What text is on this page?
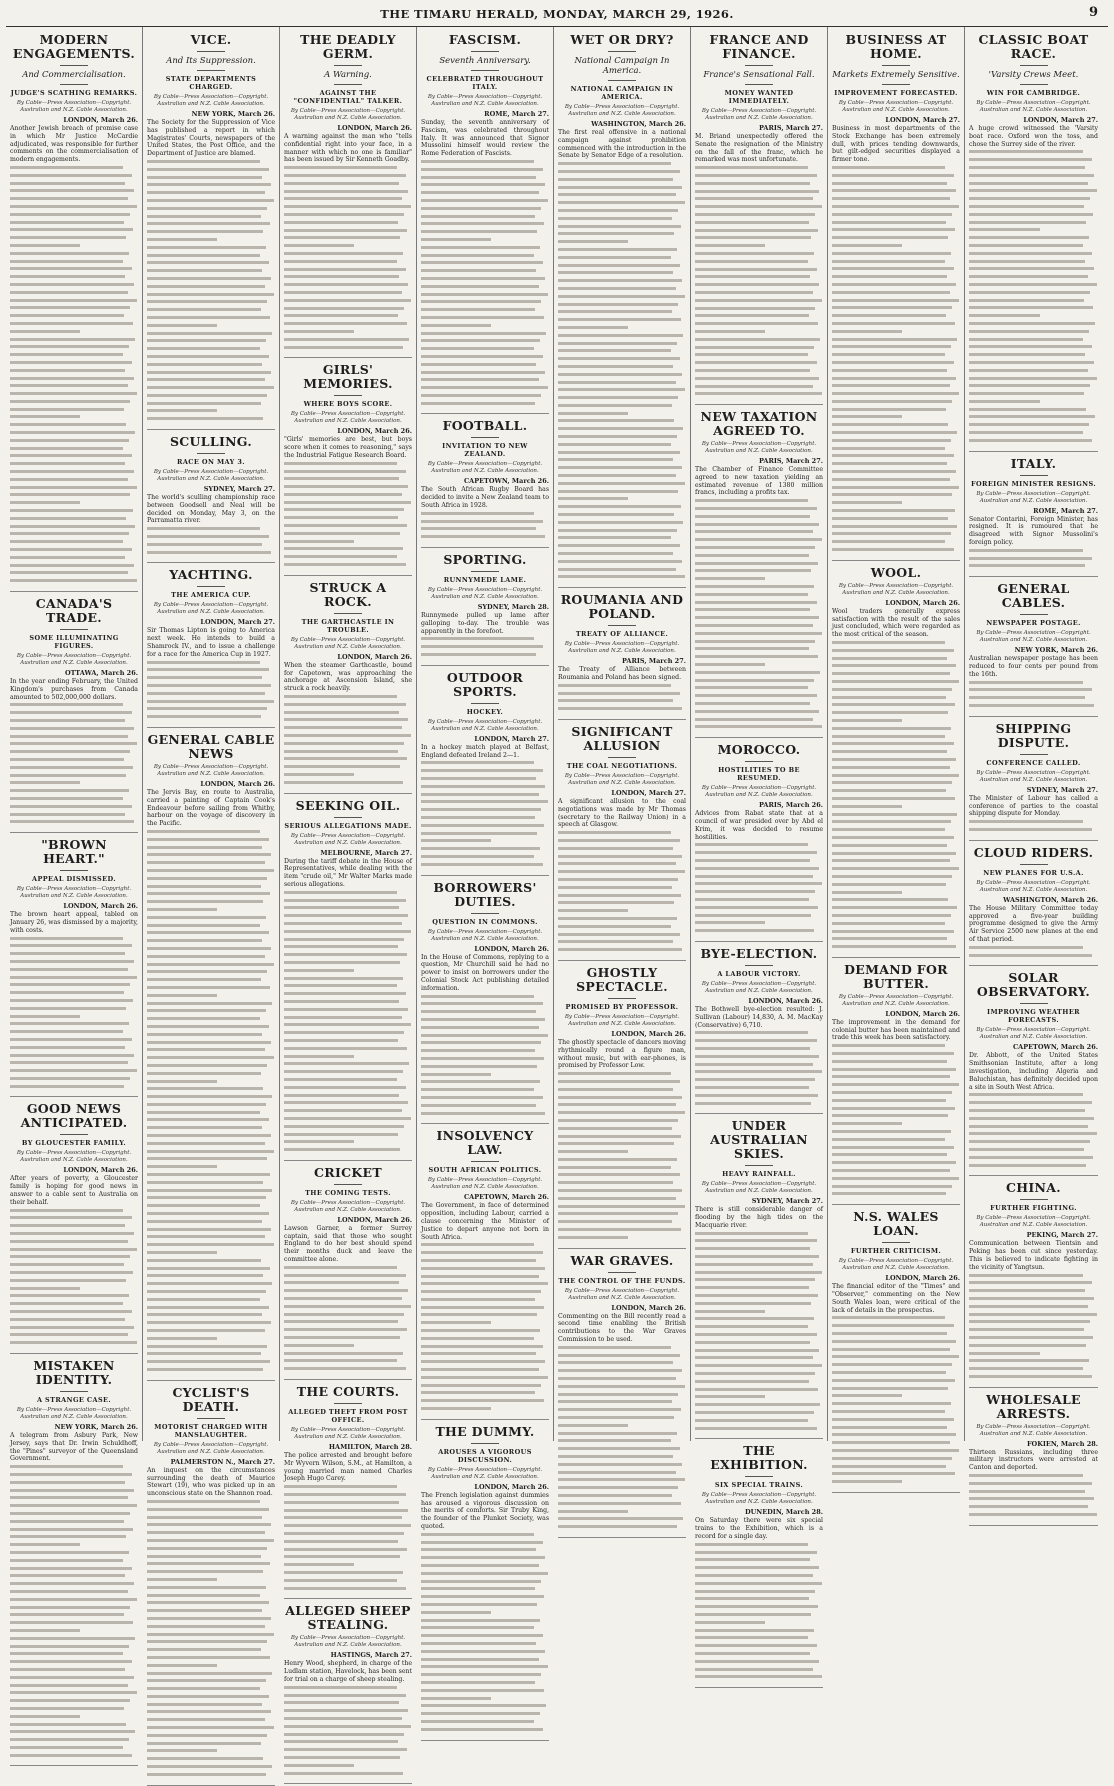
THE TIMARU HERALD, MONDAY, MARCH 29, 1926.	9
MODERN ENGAGEMENTS.
And Commercialisation.
JUDGE'S SCATHING REMARKS.
By Cable—Press Association—Copyright. Australian and N.Z. Cable Association.
LONDON, March 26.

Another Jewish breach of promise case in which Mr Justice McCardie adjudicated, was responsible for further comments on the commercialisation of modern engagements.

CANADA'S TRADE.
SOME ILLUMINATING FIGURES.
By Cable—Press Association—Copyright. Australian and N.Z. Cable Association.
OTTAWA, March 26.

In the year ending February, the United Kingdom's purchases from Canada amounted to 502,000,000 dollars.

"BROWN HEART."
APPEAL DISMISSED.
By Cable—Press Association—Copyright. Australian and N.Z. Cable Association.
LONDON, March 26.

The brown heart appeal, tabled on January 26, was dismissed by a majority, with costs.

GOOD NEWS ANTICIPATED.
BY GLOUCESTER FAMILY.
By Cable—Press Association—Copyright. Australian and N.Z. Cable Association.
LONDON, March 26.

After years of poverty, a Gloucester family is hoping for good news in answer to a cable sent to Australia on their behalf.

MISTAKEN IDENTITY.
A STRANGE CASE.
By Cable—Press Association—Copyright. Australian and N.Z. Cable Association.
NEW YORK, March 26.

A telegram from Asbury Park, New Jersey, says that Dr. Irwin Schuldhoff, the "Pines" surveyor of the Queensland Government.

VICE.
And Its Suppression.
STATE DEPARTMENTS CHARGED.
By Cable—Press Association—Copyright. Australian and N.Z. Cable Association.
NEW YORK, March 26.

The Society for the Suppression of Vice has published a report in which Magistrates' Courts, newspapers of the United States, the Post Office, and the Department of Justice are blamed.

SCULLING.
RACE ON MAY 3.
By Cable—Press Association—Copyright. Australian and N.Z. Cable Association.
SYDNEY, March 27.

The world's sculling championship race between Goodsell and Neal will be decided on Monday, May 3, on the Parramatta river.

YACHTING.
THE AMERICA CUP.
By Cable—Press Association—Copyright. Australian and N.Z. Cable Association.
LONDON, March 27.

Sir Thomas Lipton is going to America next week. He intends to build a Shamrock IV., and to issue a challenge for a race for the America Cup in 1927.

GENERAL CABLE NEWS
By Cable—Press Association—Copyright. Australian and N.Z. Cable Association.
LONDON, March 26.

The Jervis Bay, en route to Australia, carried a painting of Captain Cook's Endeavour before sailing from Whitby, harbour on the voyage of discovery in the Pacific.

CYCLIST'S DEATH.
MOTORIST CHARGED WITH MANSLAUGHTER.
By Cable—Press Association—Copyright. Australian and N.Z. Cable Association.
PALMERSTON N., March 27.

An inquest on the circumstances surrounding the death of Maurice Stewart (19), who was picked up in an unconscious state on the Shannon road.

THE DEADLY GERM.
A Warning.
AGAINST THE "CONFIDENTIAL" TALKER.
By Cable—Press Association—Copyright. Australian and N.Z. Cable Association.
LONDON, March 26.

A warning against the man who "tells confidential right into your face, in a manner with which no one is familiar" has been issued by Sir Kenneth Goadby.

GIRLS' MEMORIES.
WHERE BOYS SCORE.
By Cable—Press Association—Copyright. Australian and N.Z. Cable Association.
LONDON, March 26.

"Girls' memories are best, but boys score when it comes to reasoning," says the Industrial Fatigue Research Board.

STRUCK A ROCK.
THE GARTHCASTLE IN TROUBLE.
By Cable—Press Association—Copyright. Australian and N.Z. Cable Association.
LONDON, March 26.

When the steamer Garthcastle, bound for Capetown, was approaching the anchorage at Ascension Island, she struck a rock heavily.

SEEKING OIL.
SERIOUS ALLEGATIONS MADE.
By Cable—Press Association—Copyright. Australian and N.Z. Cable Association.
MELBOURNE, March 27.

During the tariff debate in the House of Representatives, while dealing with the item "crude oil," Mr Walter Marks made serious allegations.

CRICKET
THE COMING TESTS.
By Cable—Press Association—Copyright. Australian and N.Z. Cable Association.
LONDON, March 26.

Lawson Garner, a former Surrey captain, said that those who sought England to do her best should spend their months duck and leave the committee alone.

THE COURTS.
ALLEGED THEFT FROM POST OFFICE.
By Cable—Press Association—Copyright. Australian and N.Z. Cable Association.
HAMILTON, March 28.

The police arrested and brought before Mr Wyvern Wilson, S.M., at Hamilton, a young married man named Charles Joseph Hugo Carey.

ALLEGED SHEEP STEALING.
By Cable—Press Association—Copyright. Australian and N.Z. Cable Association.
HASTINGS, March 27.

Henry Wood, shepherd, in charge of the Ludlam station, Havelock, has been sent for trial on a charge of sheep stealing.

FASCISM.
Seventh Anniversary.
CELEBRATED THROUGHOUT ITALY.
By Cable—Press Association—Copyright. Australian and N.Z. Cable Association.
ROME, March 27.

Sunday, the seventh anniversary of Fascism, was celebrated throughout Italy. It was announced that Signor Mussolini himself would review the Rome Federation of Fascists.

FOOTBALL.
INVITATION TO NEW ZEALAND.
By Cable—Press Association—Copyright. Australian and N.Z. Cable Association.
CAPETOWN, March 26.

The South African Rugby Board has decided to invite a New Zealand team to South Africa in 1928.

SPORTING.
RUNNYMEDE LAME.
By Cable—Press Association—Copyright. Australian and N.Z. Cable Association.
SYDNEY, March 28.

Runnymede pulled up lame after galloping to-day. The trouble was apparently in the forefoot.

OUTDOOR SPORTS.
HOCKEY.
By Cable—Press Association—Copyright. Australian and N.Z. Cable Association.
LONDON, March 27.

In a hockey match played at Belfast, England defeated Ireland 2—1.

BORROWERS' DUTIES.
QUESTION IN COMMONS.
By Cable—Press Association—Copyright. Australian and N.Z. Cable Association.
LONDON, March 26.

In the House of Commons, replying to a question, Mr Churchill said he had no power to insist on borrowers under the Colonial Stock Act publishing detailed information.

INSOLVENCY LAW.
SOUTH AFRICAN POLITICS.
By Cable—Press Association—Copyright. Australian and N.Z. Cable Association.
CAPETOWN, March 26.

The Government, in face of determined opposition, including Labour, carried a clause concerning the Minister of Justice to depart anyone not born in South Africa.

THE DUMMY.
AROUSES A VIGOROUS DISCUSSION.
By Cable—Press Association—Copyright. Australian and N.Z. Cable Association.
LONDON, March 26.

The French legislation against dummies has aroused a vigorous discussion on the merits of comforts. Sir Truby King, the founder of the Plunket Society, was quoted.

WET OR DRY?
National Campaign In America.
NATIONAL CAMPAIGN IN AMERICA.
By Cable—Press Association—Copyright. Australian and N.Z. Cable Association.
WASHINGTON, March 26.

The first real offensive in a national campaign against prohibition commenced with the introduction in the Senate by Senator Edge of a resolution.

ROUMANIA AND POLAND.
TREATY OF ALLIANCE.
By Cable—Press Association—Copyright. Australian and N.Z. Cable Association.
PARIS, March 27.

The Treaty of Alliance between Roumania and Poland has been signed.

SIGNIFICANT ALLUSION
THE COAL NEGOTIATIONS.
By Cable—Press Association—Copyright. Australian and N.Z. Cable Association.
LONDON, March 27.

A significant allusion to the coal negotiations was made by Mr Thomas (secretary to the Railway Union) in a speech at Glasgow.

GHOSTLY SPECTACLE.
PROMISED BY PROFESSOR.
By Cable—Press Association—Copyright. Australian and N.Z. Cable Association.
LONDON, March 26.

The ghostly spectacle of dancers moving rhythmically round a figure man, without music, but with ear-phones, is promised by Professor Low.

WAR GRAVES.
THE CONTROL OF THE FUNDS.
By Cable—Press Association—Copyright. Australian and N.Z. Cable Association.
LONDON, March 26.

Commenting on the Bill recently read a second time enabling the British contributions to the War Graves Commission to be used.

FRANCE AND FINANCE.
France's Sensational Fall.
MONEY WANTED IMMEDIATELY.
By Cable—Press Association—Copyright. Australian and N.Z. Cable Association.
PARIS, March 27.

M. Briand unexpectedly offered the Senate the resignation of the Ministry on the fall of the franc, which he remarked was most unfortunate.

NEW TAXATION AGREED TO.
By Cable—Press Association—Copyright. Australian and N.Z. Cable Association.
PARIS, March 27.

The Chamber of Finance Committee agreed to new taxation yielding an estimated revenue of 1380 million francs, including a profits tax.

MOROCCO.
HOSTILITIES TO BE RESUMED.
By Cable—Press Association—Copyright. Australian and N.Z. Cable Association.
PARIS, March 26.

Advices from Rabat state that at a council of war presided over by Abd el Krim, it was decided to resume hostilities.

BYE-ELECTION.
A LABOUR VICTORY.
By Cable—Press Association—Copyright. Australian and N.Z. Cable Association.
LONDON, March 26.

The Bothwell bye-election resulted: J. Sullivan (Labour) 14,830, A. M. MacKay (Conservative) 6,710.

UNDER AUSTRALIAN SKIES.
HEAVY RAINFALL.
By Cable—Press Association—Copyright. Australian and N.Z. Cable Association.
SYDNEY, March 27.

There is still considerable danger of flooding by the high tides on the Macquarie river.

THE EXHIBITION.
SIX SPECIAL TRAINS.
By Cable—Press Association—Copyright. Australian and N.Z. Cable Association.
DUNEDIN, March 28.

On Saturday there were six special trains to the Exhibition, which is a record for a single day.

BUSINESS AT HOME.
Markets Extremely Sensitive.
IMPROVEMENT FORECASTED.
By Cable—Press Association—Copyright. Australian and N.Z. Cable Association.
LONDON, March 27.

Business in most departments of the Stock Exchange has been extremely dull, with prices tending downwards, but gilt-edged securities displayed a firmer tone.

WOOL.
By Cable—Press Association—Copyright. Australian and N.Z. Cable Association.
LONDON, March 26.

Wool traders generally express satisfaction with the result of the sales just concluded, which were regarded as the most critical of the season.

DEMAND FOR BUTTER.
By Cable—Press Association—Copyright. Australian and N.Z. Cable Association.
LONDON, March 26.

The improvement in the demand for colonial butter has been maintained and trade this week has been satisfactory.

N.S. WALES LOAN.
FURTHER CRITICISM.
By Cable—Press Association—Copyright. Australian and N.Z. Cable Association.
LONDON, March 26.

The financial editor of the "Times" and "Observer," commenting on the New South Wales loan, were critical of the lack of details in the prospectus.

CLASSIC BOAT RACE.
'Varsity Crews Meet.
WIN FOR CAMBRIDGE.
By Cable—Press Association—Copyright. Australian and N.Z. Cable Association.
LONDON, March 27.

A huge crowd witnessed the 'Varsity boat race. Oxford won the toss, and chose the Surrey side of the river.

ITALY.
FOREIGN MINISTER RESIGNS.
By Cable—Press Association—Copyright. Australian and N.Z. Cable Association.
ROME, March 27.

Senator Contarini, Foreign Minister, has resigned. It is rumoured that he disagreed with Signor Mussolini's foreign policy.

GENERAL CABLES.
NEWSPAPER POSTAGE.
By Cable—Press Association—Copyright. Australian and N.Z. Cable Association.
NEW YORK, March 26.

Australian newspaper postage has been reduced to four cents per pound from the 16th.

SHIPPING DISPUTE.
CONFERENCE CALLED.
By Cable—Press Association—Copyright. Australian and N.Z. Cable Association.
SYDNEY, March 27.

The Minister of Labour has called a conference of parties to the coastal shipping dispute for Monday.

CLOUD RIDERS.
NEW PLANES FOR U.S.A.
By Cable—Press Association—Copyright. Australian and N.Z. Cable Association.
WASHINGTON, March 26.

The House Military Committee today approved a five-year building programme designed to give the Army Air Service 2500 new planes at the end of that period.

SOLAR OBSERVATORY.
IMPROVING WEATHER FORECASTS.
By Cable—Press Association—Copyright. Australian and N.Z. Cable Association.
CAPETOWN, March 26.

Dr. Abbott, of the United States Smithsonian Institute, after a long investigation, including Algeria and Baluchistan, has definitely decided upon a site in South West Africa.

CHINA.
FURTHER FIGHTING.
By Cable—Press Association—Copyright. Australian and N.Z. Cable Association.
PEKING, March 27.

Communication between Tientsin and Peking has been cut since yesterday. This is believed to indicate fighting in the vicinity of Yangtsun.

WHOLESALE ARRESTS.
By Cable—Press Association—Copyright. Australian and N.Z. Cable Association.
FOKIEN, March 28.

Thirteen Russians, including three military instructors were arrested at Canton and deported.
